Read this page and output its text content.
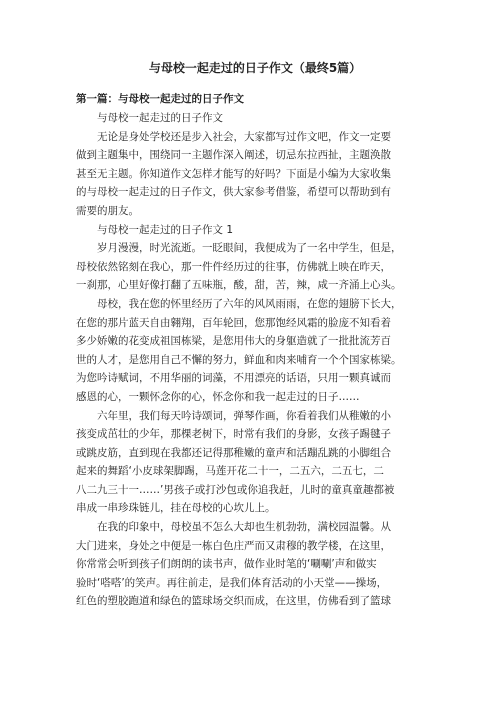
与母校一起走过的日子作文（最终5篇）
第一篇：与母校一起走过的日子作文

与母校一起走过的日子作文

无论是身处学校还是步入社会，大家都写过作文吧，作文一定要

做到主题集中，围绕同一主题作深入阐述，切忌东拉西扯，主题涣散

甚至无主题。你知道作文怎样才能写的好吗？下面是小编为大家收集

的与母校一起走过的日子作文，供大家参考借鉴，希望可以帮助到有

需要的朋友。

与母校一起走过的日子作文 1

岁月漫漫，时光流逝。一眨眼间，我便成为了一名中学生，但是，

母校依然铭刻在我心，那一件件经历过的往事，仿佛就上映在昨天，

一刹那，心里好像打翻了五味瓶，酸，甜，苦，辣，咸一齐涌上心头。

母校，我在您的怀里经历了六年的风风雨雨，在您的翅膀下长大，

在您的那片蓝天自由翱翔，百年轮回，您那饱经风霜的脸庞不知看着

多少娇嫩的花变成祖国栋梁，是您用伟大的身躯造就了一批批流芳百

世的人才，是您用自己不懈的努力，鲜血和肉来哺育一个个国家栋梁。

为您吟诗赋词，不用华丽的词藻，不用漂亮的话语，只用一颗真诚而

感恩的心，一颗怀念你的心，怀念你和我一起走过的日子……

六年里，我们每天吟诗颂词，弹琴作画，你看着我们从稚嫩的小

孩变成茁壮的少年，那棵老树下，时常有我们的身影，女孩子踢毽子

或跳皮筋，直到现在我都还记得那稚嫩的童声和活蹦乱跳的小脚组合

起来的舞蹈‘小皮球架脚踢，马莲开花二十一，二五六，二五七，二

八二九三十一……’男孩子或打沙包或你追我赶，儿时的童真童趣都被

串成一串珍珠链儿，挂在母校的心坎儿上。

在我的印象中，母校虽不怎么大却也生机勃勃，满校园温馨。从

大门进来，身处之中便是一栋白色庄严而又肃穆的教学楼，在这里，

你常常会听到孩子们朗朗的读书声，做作业时笔的‘唰唰’声和做实

验时‘嗒嗒’的笑声。再往前走，是我们体育活动的小天堂——操场，

红色的塑胶跑道和绿色的篮球场交织而成，在这里，仿佛看到了篮球
